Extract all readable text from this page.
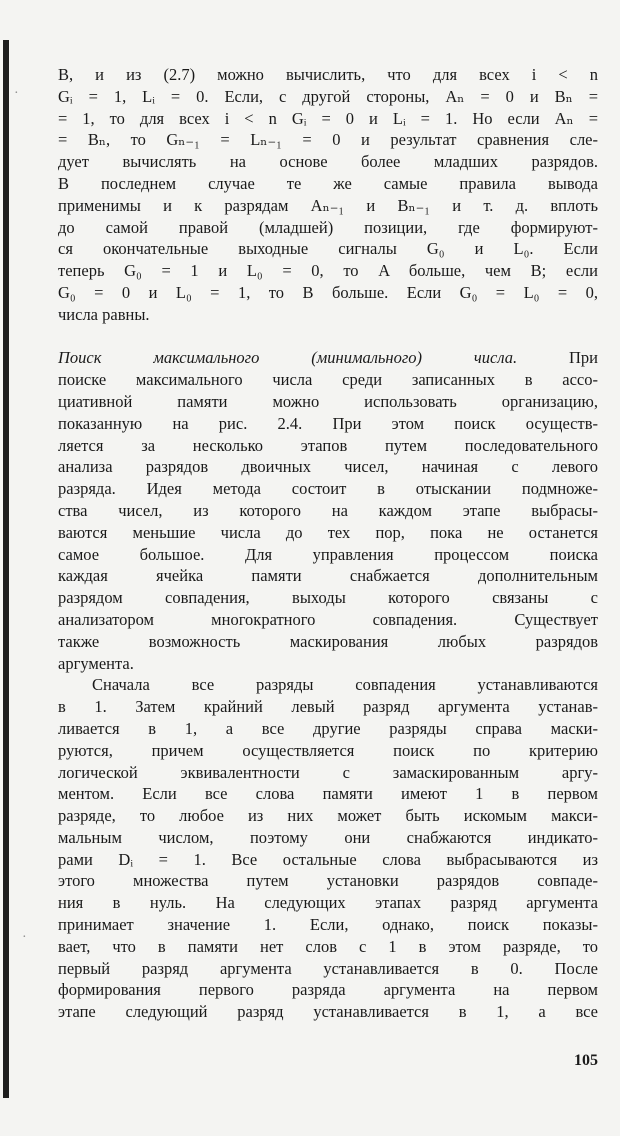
·
·
B, и из (2.7) можно вычислить, что для всех i < n
Gᵢ = 1, Lᵢ = 0. Если, с другой стороны, Aₙ = 0 и Bₙ =
= 1, то для всех i < n Gᵢ = 0 и Lᵢ = 1. Но если Aₙ =
= Bₙ, то Gₙ₋₁ = Lₙ₋₁ = 0 и результат сравнения сле-
дует вычислять на основе более младших разрядов.
В последнем случае те же самые правила вывода
применимы и к разрядам Aₙ₋₁ и Bₙ₋₁ и т. д. вплоть
до самой правой (младшей) позиции, где формируют-
ся окончательные выходные сигналы G₀ и L₀. Если
теперь G₀ = 1 и L₀ = 0, то A больше, чем B; если
G₀ = 0 и L₀ = 1, то B больше. Если G₀ = L₀ = 0,
числа равны.
Поиск максимального (минимального) числа.	При
поиске максимального числа среди записанных в ассо-
циативной памяти можно использовать организацию,
показанную на рис. 2.4. При этом поиск осуществ-
ляется за несколько этапов путем последовательного
анализа разрядов двоичных чисел, начиная с левого
разряда. Идея метода состоит в отыскании подмноже-
ства чисел, из которого на каждом этапе выбрасы-
ваются меньшие числа до тех пор, пока не останется
самое большое. Для управления процессом поиска
каждая ячейка памяти снабжается дополнительным
разрядом совпадения, выходы которого связаны с
анализатором многократного совпадения. Существует
также возможность маскирования любых разрядов
аргумента.
Сначала все разряды совпадения устанавливаются
в 1. Затем крайний левый разряд аргумента устанав-
ливается в 1, а все другие разряды справа маски-
руются, причем осуществляется поиск по критерию
логической эквивалентности с замаскированным аргу-
ментом. Если все слова памяти имеют 1 в первом
разряде, то любое из них может быть искомым макси-
мальным числом, поэтому они снабжаются индикато-
рами Dᵢ = 1. Все остальные слова выбрасываются из
этого множества путем установки разрядов совпаде-
ния в нуль. На следующих этапах разряд аргумента
принимает значение 1. Если, однако, поиск показы-
вает, что в памяти нет слов с 1 в этом разряде, то
первый разряд аргумента устанавливается в 0. После
формирования первого разряда аргумента на первом
этапе следующий разряд устанавливается в 1, а все
105
